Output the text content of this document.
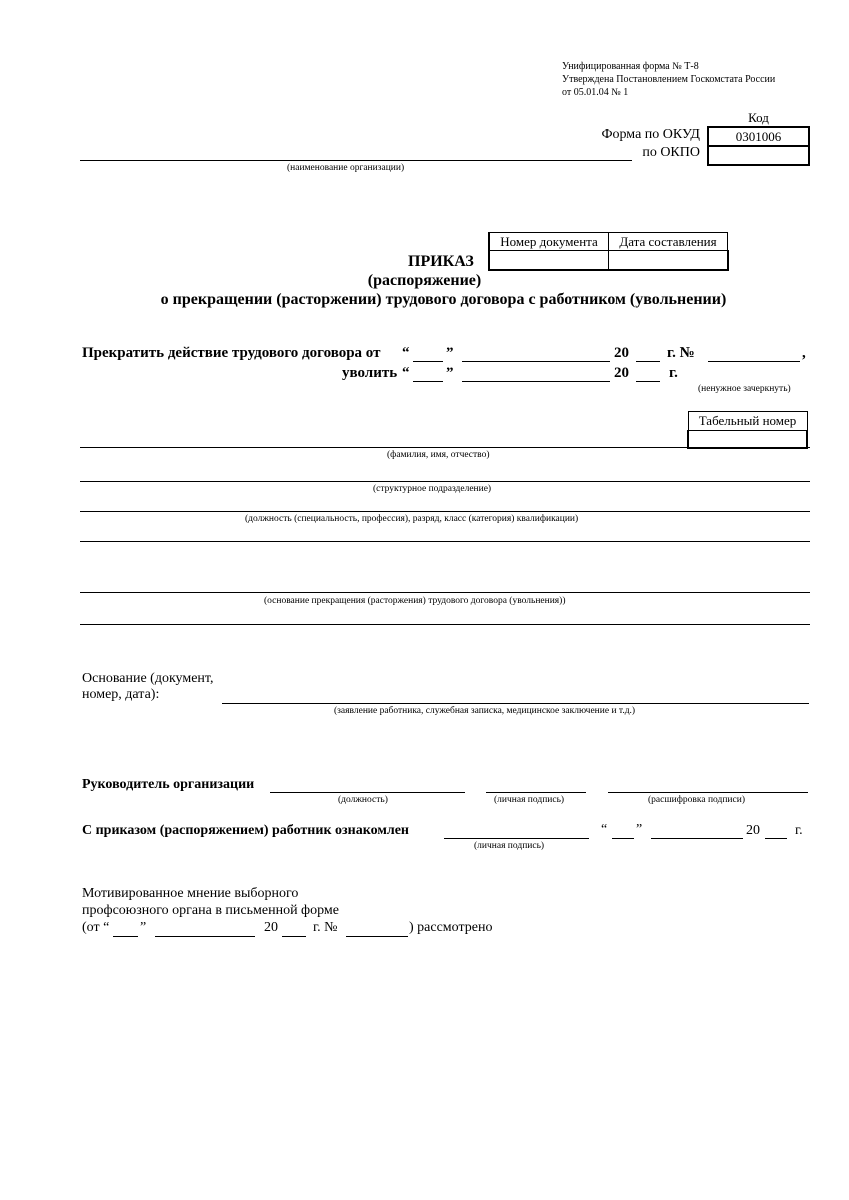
Унифицированная форма № Т-8
Утверждена Постановлением Госкомстата России
от 05.01.04 № 1
Код
0301006

Форма по ОКУД
по ОКПО
(наименование организации)
Номер документа	Дата составления

ПРИКАЗ
(распоряжение)
о прекращении (расторжении) трудового договора с работником (увольнении)
Прекратить действие трудового договора от “ ”	20	г. №	,
уволить “ ”	20	г.
(ненужное зачеркнуть)
Табельный номер

(фамилия, имя, отчество)
(структурное подразделение)
(должность (специальность, профессия), разряд, класс (категория) квалификации)
(основание прекращения (расторжения) трудового договора (увольнения))
Основание (документ,
номер, дата):
(заявление работника, служебная записка, медицинское заключение и т.д.)
Руководитель организации
(должность)	(личная подпись)	(расшифровка подписи)
С приказом (распоряжением) работник ознакомлен
(личная подпись)
“ ”	20	г.
Мотивированное мнение выборного
профсоюзного органа в письменной форме
(от “ ”	20	г. №	) рассмотрено
